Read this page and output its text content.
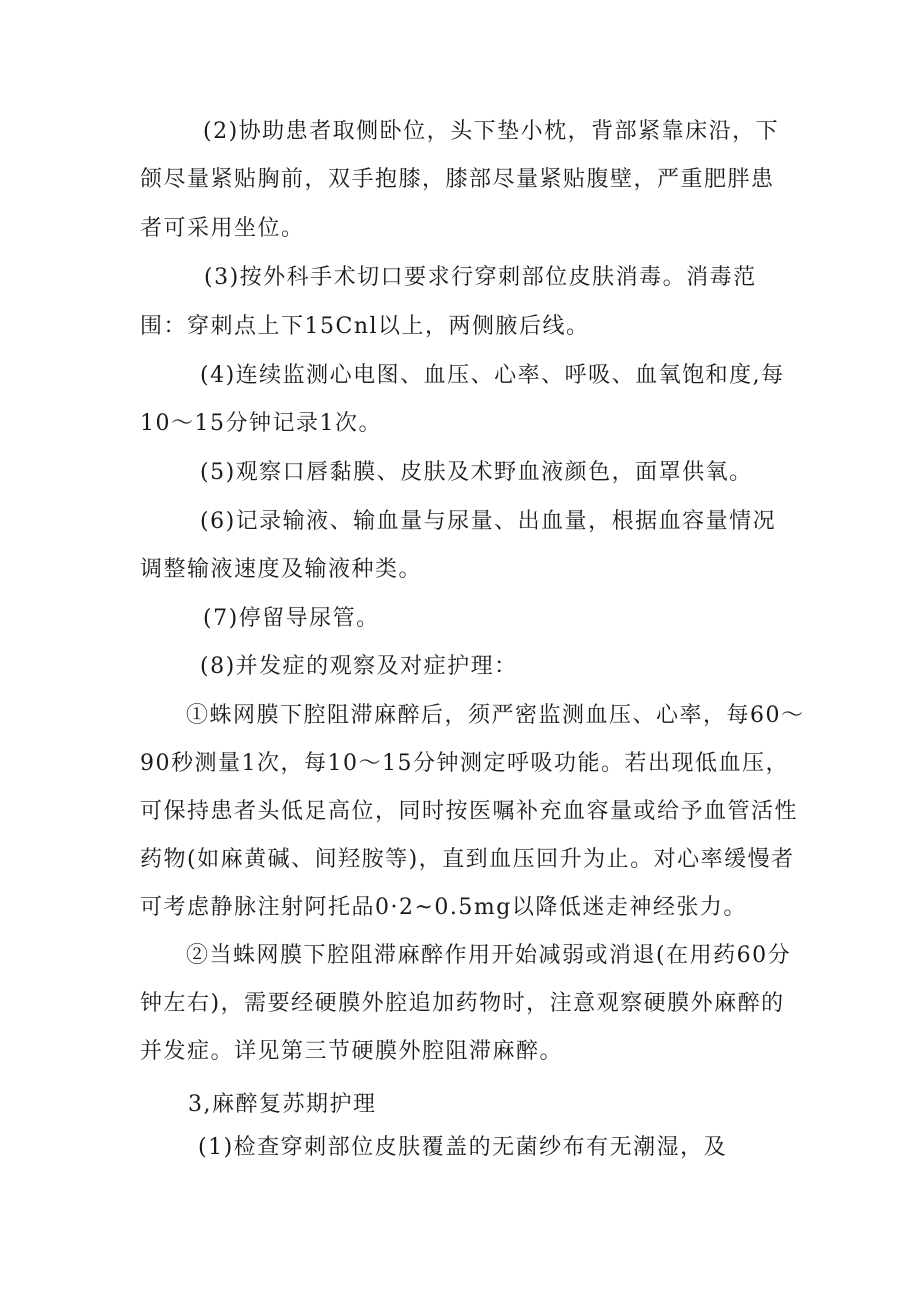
(2)协助患者取侧卧位，头下垫小枕，背部紧靠床沿，下
颌尽量紧贴胸前，双手抱膝，膝部尽量紧贴腹壁，严重肥胖患
者可采用坐位。
(3)按外科手术切口要求行穿刺部位皮肤消毒。消毒范
围：穿刺点上下15Cnl以上，两侧腋后线。
(4)连续监测心电图、血压、心率、呼吸、血氧饱和度,每
10～15分钟记录1次。
(5)观察口唇黏膜、皮肤及术野血液颜色，面罩供氧。
(6)记录输液、输血量与尿量、出血量，根据血容量情况
调整输液速度及输液种类。
(7)停留导尿管。
(8)并发症的观察及对症护理：
①蛛网膜下腔阻滞麻醉后，须严密监测血压、心率，每60～
90秒测量1次，每10～15分钟测定呼吸功能。若出现低血压，
可保持患者头低足高位，同时按医嘱补充血容量或给予血管活性
药物(如麻黄碱、间羟胺等)，直到血压回升为止。对心率缓慢者
可考虑静脉注射阿托品0·2~0.5mg以降低迷走神经张力。
②当蛛网膜下腔阻滞麻醉作用开始减弱或消退(在用药60分
钟左右)，需要经硬膜外腔追加药物时，注意观察硬膜外麻醉的
并发症。详见第三节硬膜外腔阻滞麻醉。
3,麻醉复苏期护理
(1)检查穿刺部位皮肤覆盖的无菌纱布有无潮湿，及
